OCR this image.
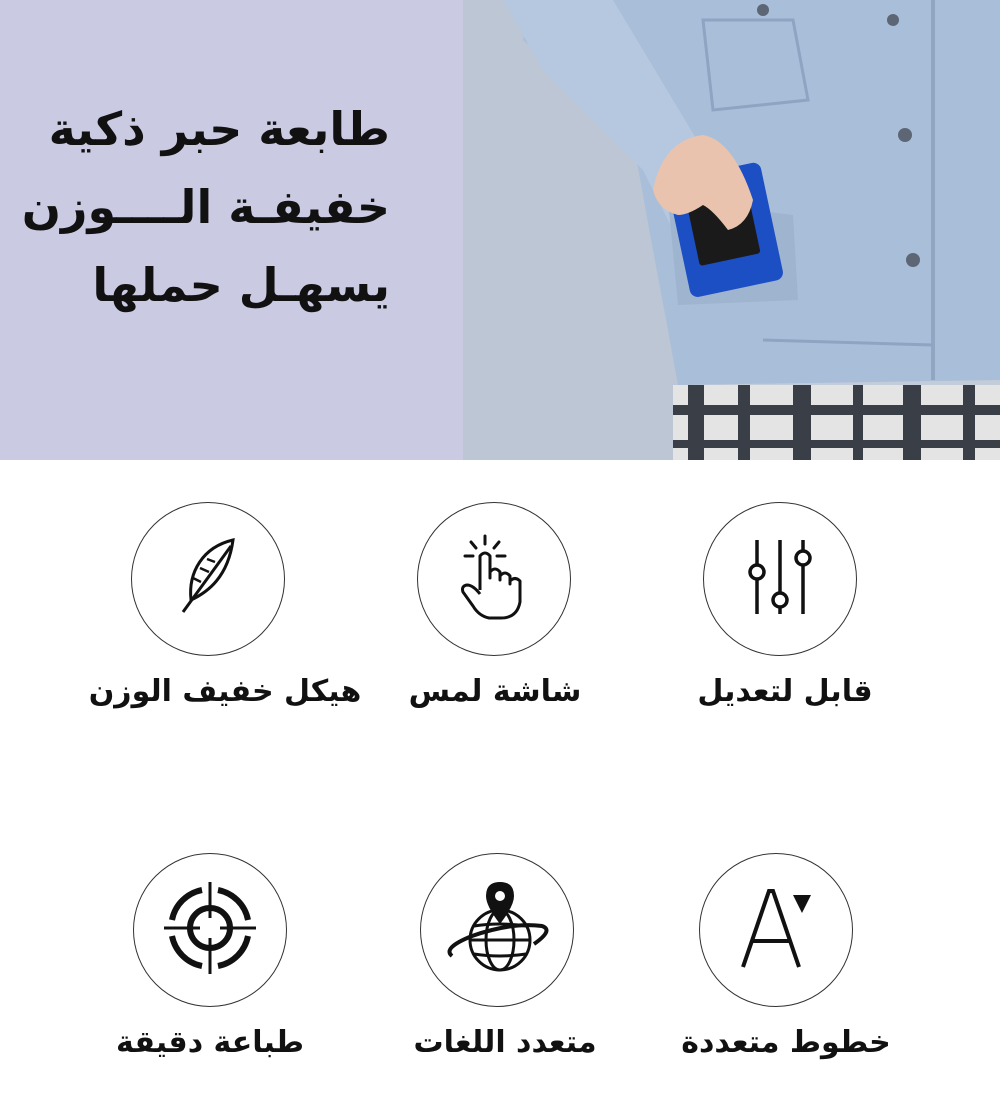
طابعة حبر ذكية
خفيفـة الــــوزن
يسهـل حملها
هيكل خفيف الوزن	شاشة لمس	قابل لتعديل
طباعة دقيقة	متعدد اللغات	خطوط متعددة
